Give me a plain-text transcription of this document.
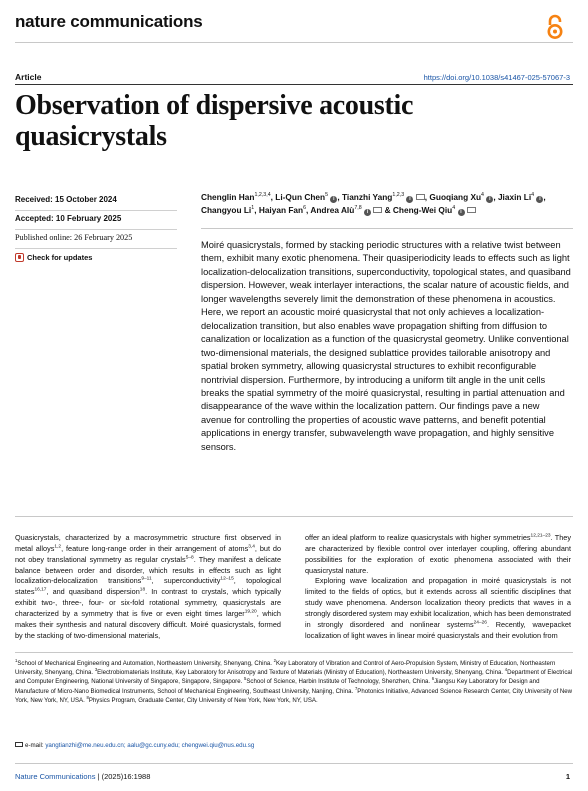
nature communications
Article	https://doi.org/10.1038/s41467-025-57067-3
Observation of dispersive acoustic quasicrystals
Received: 15 October 2024
Accepted: 10 February 2025
Published online: 26 February 2025
Check for updates
Chenglin Han$^{1,2,3,4}$, Li-Qun Chen$^5$ i , Tianzhi Yang$^{1,2,3}$ i , Guoqiang Xu$^4$ i , Jiaxin Li$^4$ i , Changyou Li$^1$, Haiyan Fan$^6$, Andrea Alù$^{7,8}$ i  & Cheng-Wei Qiu$^4$ i

Moiré quasicrystals, formed by stacking periodic structures with a relative twist between them, exhibit many exotic phenomena. Their quasiperiodicity leads to effects such as light localization-delocalization transitions, superconductivity, topological states, and quasiband dispersion. However, weak interlayer interactions, the scalar nature of acoustic fields, and longer wavelengths severely limit the demonstration of these phenomena in acoustics. Here, we report an acoustic moiré quasicrystal that not only achieves a localization-delocalization transition, but also enables wave propagation shifting from diffusion to canalization or localization as a function of the quasicrystal geometry. Unlike conventional two-dimensional materials, the designed sublattice provides tailorable anisotropy and spatial broken symmetry, allowing quasicrystal structures to exhibit reconfigurable nontrivial dispersion. Furthermore, by introducing a uniform tilt angle in the unit cells breaks the spatial symmetry of the moiré quasicrystal, resulting in partial attenuation and disappearance of the wave within the localization pattern. Our findings pave a new avenue for controlling the properties of acoustic wave patterns, and benefit potential applications in energy transfer, subwavelength wave propagation, and highly sensitive sensors.

Quasicrystals, characterized by a macrosymmetric structure first observed in metal alloys$^{1,2}$, feature long-range order in their arrangement of atoms$^{3,4}$, but do not obey translational symmetry as regular crystals$^{5-8}$. They manifest a delicate balance between order and disorder, which results in effects such as light localization-delocalization transitions$^{9-11}$, superconductivity$^{12-15}$, topological states$^{16,17}$, and quasiband dispersion$^{18}$. In contrast to crystals, which typically exhibit two-, three-, four- or six-fold rotational symmetry, quasicrystals are characterized by a symmetry that is five or even eight times larger$^{19,20}$, which makes their synthesis and natural discovery difficult. Moiré quasicrystals, formed by the stacking of two-dimensional materials,

offer an ideal platform to realize quasicrystals with higher symmetries$^{12,21-23}$. They are characterized by flexible control over interlayer coupling, offering abundant possibilities for the exploration of exotic phenomena associated with their quasicrystal nature.

Exploring wave localization and propagation in moiré quasicrystals is not limited to the fields of optics, but it extends across all scientific disciplines that study wave phenomena. Anderson localization theory predicts that waves in a strongly disordered system may exhibit localization, which has been demonstrated in strongly disordered and nonlinear systems$^{24-26}$. Recently, wavepacket localization of light waves in linear moiré quasicrystals and their evolution from

$^1$School of Mechanical Engineering and Automation, Northeastern University, Shenyang, China. $^2$Key Laboratory of Vibration and Control of Aero-Propulsion System, Ministry of Education, Northeastern University, Shenyang, China. $^3$Electrobiomaterials Institute, Key Laboratory for Anisotropy and Texture of Materials (Ministry of Education), Northeastern University, Shenyang, China. $^4$Department of Electrical and Computer Engineering, National University of Singapore, Singapore, Singapore. $^5$School of Science, Harbin Institute of Technology, Shenzhen, China. $^6$Jiangsu Key Laboratory for Design and Manufacture of Micro-Nano Biomedical Instruments, School of Mechanical Engineering, Southeast University, Nanjing, China. $^7$Photonics Initiative, Advanced Science Research Center, City University of New York, New York, NY, USA. $^8$Physics Program, Graduate Center, City University of New York, New York, NY, USA.
e-mail: yangtianzhi@me.neu.edu.cn; aalu@gc.cuny.edu; chengwei.qiu@nus.edu.sg
Nature Communications | (2025)16:1988	1
